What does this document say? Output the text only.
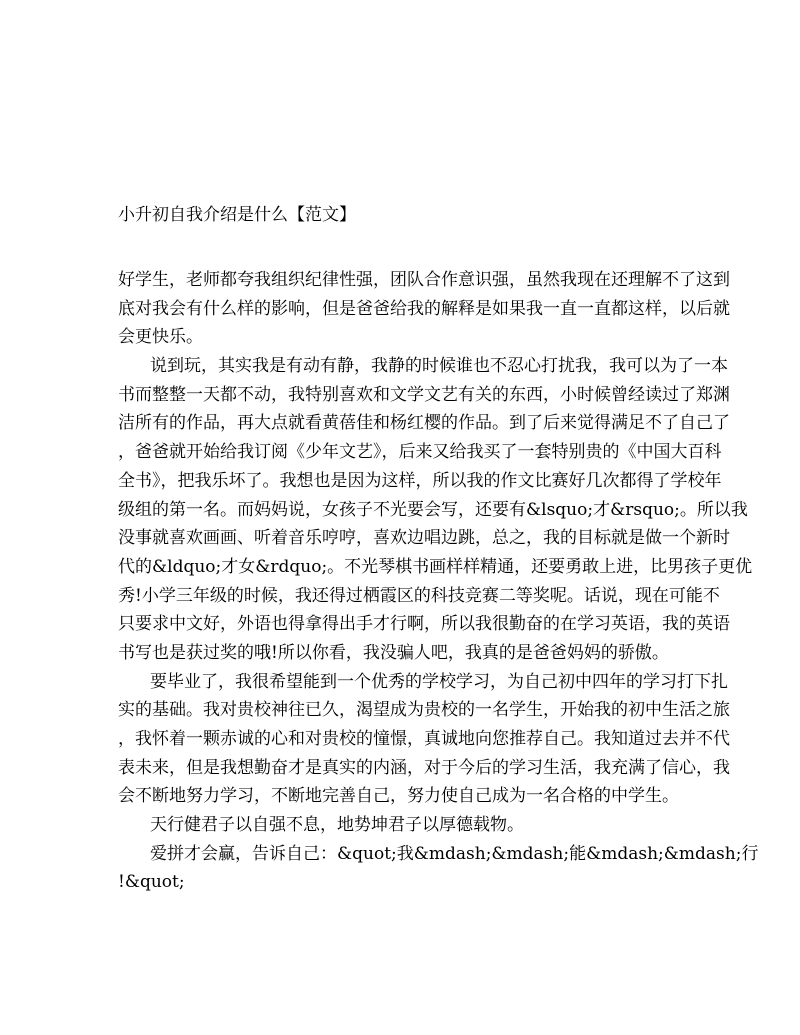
小升初自我介绍是什么【范文】
好学生，老师都夸我组织纪律性强，团队合作意识强，虽然我现在还理解不了这到
底对我会有什么样的影响，但是爸爸给我的解释是如果我一直一直都这样，以后就
会更快乐。
说到玩，其实我是有动有静，我静的时候谁也不忍心打扰我，我可以为了一本
书而整整一天都不动，我特别喜欢和文学文艺有关的东西，小时候曾经读过了郑渊
洁所有的作品，再大点就看黄蓓佳和杨红樱的作品。到了后来觉得满足不了自己了
，爸爸就开始给我订阅《少年文艺》，后来又给我买了一套特别贵的《中国大百科
全书》，把我乐坏了。我想也是因为这样，所以我的作文比赛好几次都得了学校年
级组的第一名。而妈妈说，女孩子不光要会写，还要有&lsquo;才&rsquo;。所以我
没事就喜欢画画、听着音乐哼哼，喜欢边唱边跳，总之，我的目标就是做一个新时
代的&ldquo;才女&rdquo;。不光琴棋书画样样精通，还要勇敢上进，比男孩子更优
秀!小学三年级的时候，我还得过栖霞区的科技竞赛二等奖呢。话说，现在可能不
只要求中文好，外语也得拿得出手才行啊，所以我很勤奋的在学习英语，我的英语
书写也是获过奖的哦!所以你看，我没骗人吧，我真的是爸爸妈妈的骄傲。
要毕业了，我很希望能到一个优秀的学校学习，为自己初中四年的学习打下扎
实的基础。我对贵校神往已久，渴望成为贵校的一名学生，开始我的初中生活之旅
，我怀着一颗赤诚的心和对贵校的憧憬，真诚地向您推荐自己。我知道过去并不代
表未来，但是我想勤奋才是真实的内涵，对于今后的学习生活，我充满了信心，我
会不断地努力学习，不断地完善自己，努力使自己成为一名合格的中学生。
天行健君子以自强不息，地势坤君子以厚德载物。
爱拼才会赢，告诉自己：&quot;我&mdash;&mdash;能&mdash;&mdash;行
!&quot;
